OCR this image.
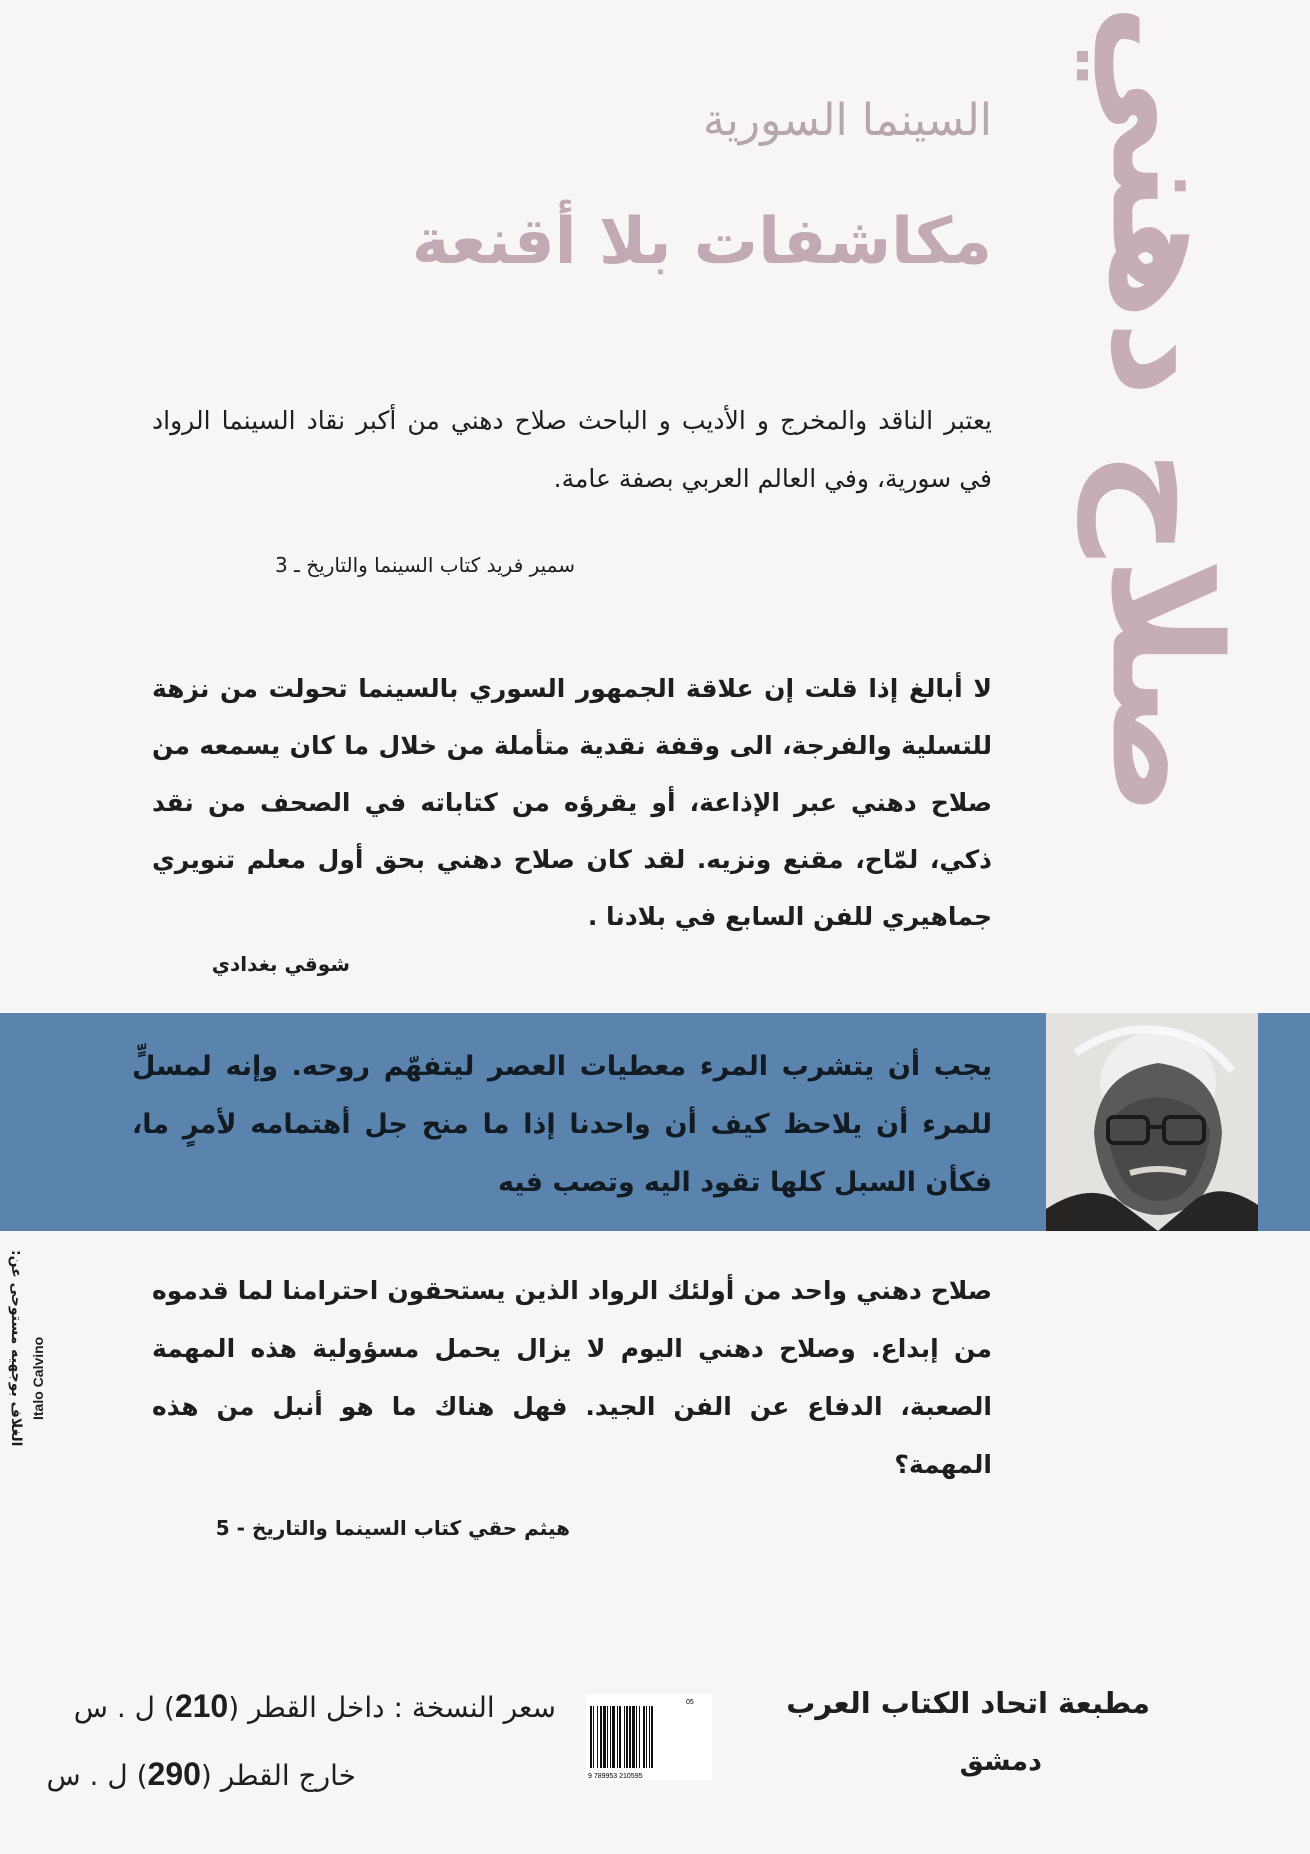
صلاح دهني
السينما السورية
مكاشفات بلا أقنعة
يعتبر الناقد والمخرج و الأديب و الباحث صلاح دهني من أكبر نقاد السينما الرواد في سورية، وفي العالم العربي بصفة عامة.
سمير فريد كتاب السينما والتاريخ ـ 3
لا أبالغ إذا قلت إن علاقة الجمهور السوري بالسينما تحولت من نزهة للتسلية والفرجة، الى وقفة نقدية متأملة من خلال ما كان يسمعه من صلاح دهني عبر الإذاعة، أو يقرؤه من كتاباته في الصحف من نقد ذكي، لمّاح، مقنع ونزيه. لقد كان صلاح دهني بحق أول معلم تنويري جماهيري للفن السابع في بلادنا .
شوقي بغدادي
يجب أن يتشرب المرء معطيات العصر ليتفهّم روحه. وإنه لمسلٍّ للمرء أن يلاحظ كيف أن واحدنا إذا ما منح جل أهتمامه لأمرٍ ما، فكأن السبل كلها تقود اليه وتصب فيه
صلاح دهني واحد من أولئك الرواد الذين يستحقون احترامنا لما قدموه من إبداع. وصلاح دهني اليوم لا يزال يحمل مسؤولية هذه المهمة الصعبة، الدفاع عن الفن الجيد. فهل هناك ما هو أنبل من هذه المهمة؟
هيثم حقي كتاب السينما والتاريخ - 5
الغلاف بوجهيه مستوحى عن: Italo Calvino
مطبعة اتحاد الكتاب العرب
دمشق
05
9 789953 210595
سعر النسخة : داخل القطر (210) ل . س
خارج القطر (290) ل . س
